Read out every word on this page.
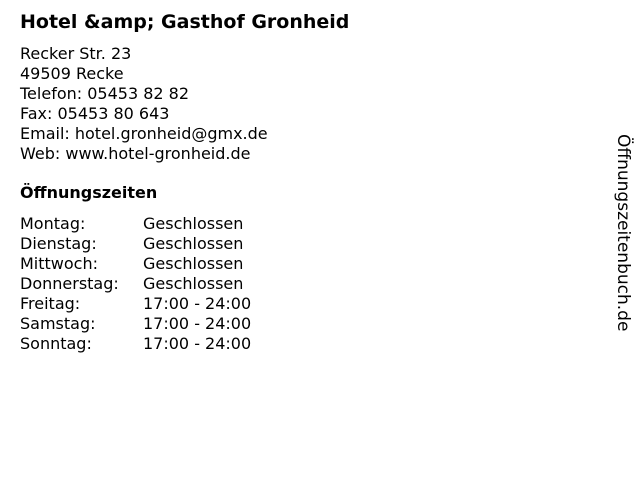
Hotel &amp; Gasthof Gronheid
Recker Str. 23
49509 Recke
Telefon: 05453 82 82
Fax: 05453 80 643
Email: hotel.gronheid@gmx.de
Web: www.hotel-gronheid.de
Öffnungszeiten
Montag:	Geschlossen
Dienstag:	Geschlossen
Mittwoch:	Geschlossen
Donnerstag: Geschlossen
Freitag:	17:00 - 24:00
Samstag:	17:00 - 24:00
Sonntag:	17:00 - 24:00
Öffnungszeitenbuch.de
